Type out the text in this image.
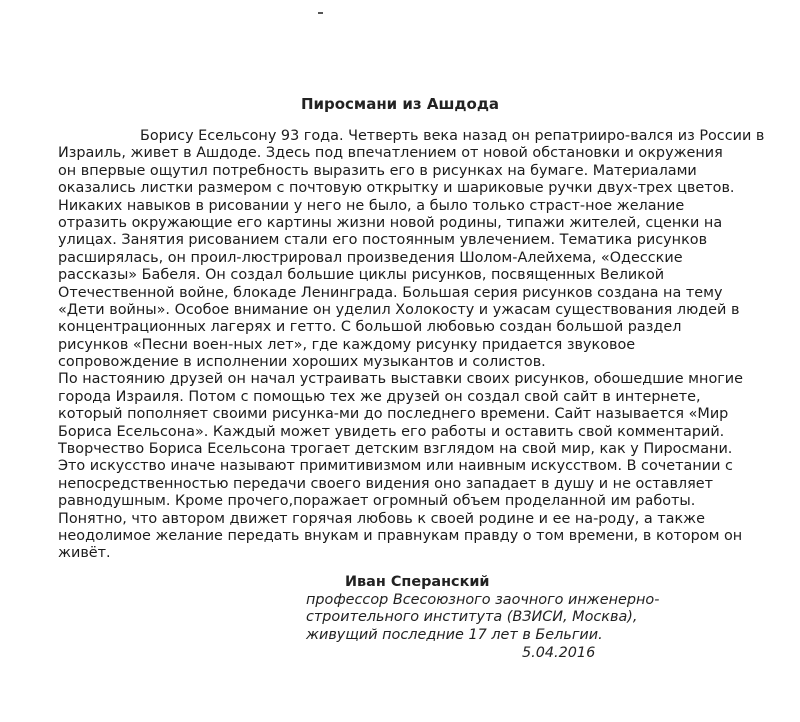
Пиросмани из Ашдода
Борису Есельсону 93 года. Четверть века назад он репатрииро-вался из России в
Израиль, живет в Ашдоде. Здесь под впечатлением от новой обстановки и окружения
он впервые ощутил потребность выразить его в рисунках на бумаге. Материалами
оказались листки размером с почтовую открытку и шариковые ручки двух-трех цветов.
Никаких навыков в рисовании у него не было, а было только страст-ное желание
отразить окружающие его картины жизни новой родины, типажи жителей, сценки на
улицах. Занятия рисованием стали его постоянным увлечением. Тематика рисунков
расширялась, он проил-люстрировал произведения Шолом-Алейхема, «Одесские
рассказы» Бабеля. Он создал большие циклы рисунков, посвященных Великой
Отечественной войне, блокаде Ленинграда. Большая серия рисунков создана на тему
«Дети войны». Особое внимание он уделил Холокосту и ужасам существования людей в
концентрационных лагерях и гетто. С большой любовью создан большой раздел
рисунков «Песни воен-ных лет», где каждому рисунку придается звуковое
сопровождение в исполнении хороших музыкантов и солистов.
По настоянию друзей он начал устраивать выставки своих рисунков, обошедшие многие
города Израиля. Потом с помощью тех же друзей он создал свой сайт в интернете,
который пополняет своими рисунка-ми до последнего времени. Сайт называется «Мир
Бориса Есельсона». Каждый может увидеть его работы и оставить свой комментарий.
Творчество Бориса Есельсона трогает детским взглядом на свой мир, как у Пиросмани.
Это искусство иначе называют примитивизмом или наивным искусством. В сочетании с
непосредственностью передачи своего видения оно западает в душу и не оставляет
равнодушным. Кроме прочего,поражает огромный объем проделанной им работы.
Понятно, что автором движет горячая любовь к своей родине и ее на-роду, а также
неодолимое желание передать внукам и правнукам правду о том времени, в котором он
живёт.
Иван Сперанский
профессор Всесоюзного заочного инженерно-
строительного института (ВЗИСИ, Москва),
живущий последние 17 лет в Бельгии.
5.04.2016
